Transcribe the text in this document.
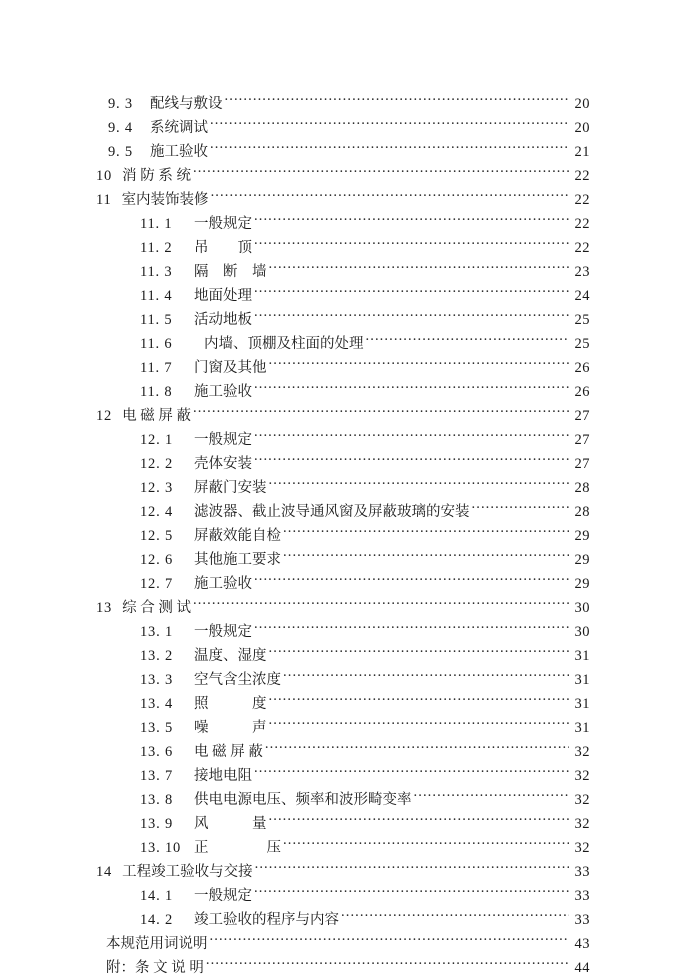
9. 3	配线与敷设 .....	20
9. 4	系统调试 .....	20
9. 5	施工验收 .....	21
10 消 防 系 统 .....	22
11 室内装饰装修 .....	22
11. 1	一般规定 .....	22
11. 2	吊　　顶 .....	22
11. 3	隔　断　墙 .....	23
11. 4	地面处理 .....	24
11. 5	活动地板 .....	25
11. 6	内墙、顶棚及柱面的处理 .....	25
11. 7	门窗及其他 .....	26
11. 8	施工验收 .....	26
12 电 磁 屏 蔽 .....	27
12. 1	一般规定 .....	27
12. 2	壳体安装 .....	27
12. 3	屏蔽门安装 .....	28
12. 4	滤波器、截止波导通风窗及屏蔽玻璃的安装 .....	28
12. 5	屏蔽效能自检 .....	29
12. 6	其他施工要求 .....	29
12. 7	施工验收 .....	29
13 综 合 测 试 .....	30
13. 1	一般规定 .....	30
13. 2	温度、湿度 .....	31
13. 3	空气含尘浓度 .....	31
13. 4	照　　　度 .....	31
13. 5	噪　　　声 .....	31
13. 6	电 磁 屏 蔽 .....	32
13. 7	接地电阻 .....	32
13. 8	供电电源电压、频率和波形畸变率 .....	32
13. 9	风　　　量 .....	32
13. 10 正　　　　压 .....	32
14 工程竣工验收与交接 .....	33
14. 1	一般规定 .....	33
14. 2	竣工验收的程序与内容 .....	33
本规范用词说明 .....	43
附：条 文 说 明 .....	44
